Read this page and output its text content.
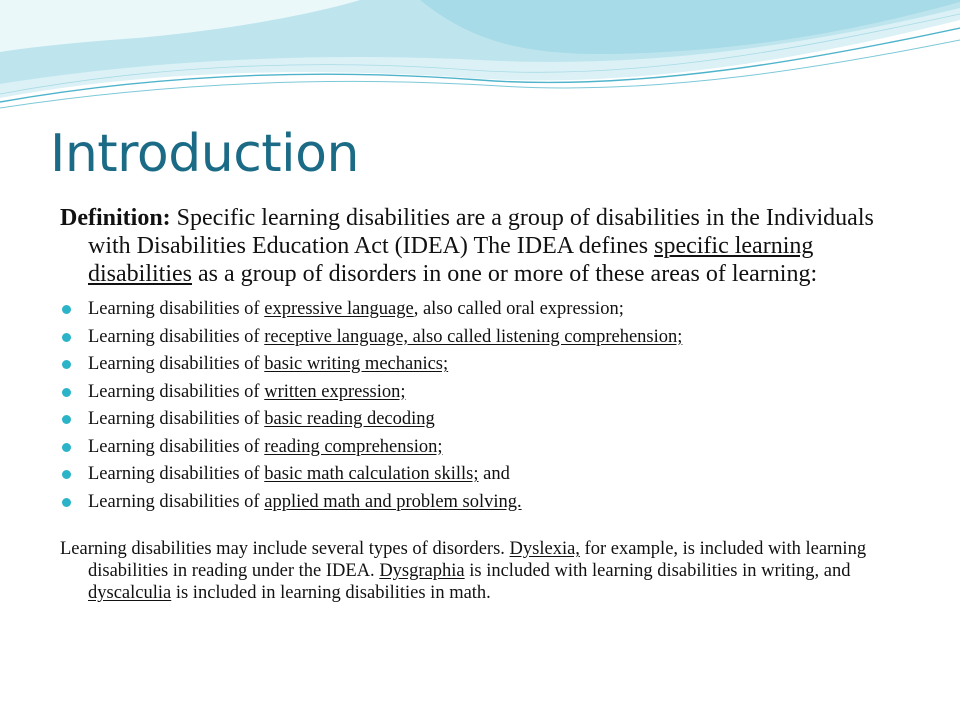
Introduction

Definition: Specific learning disabilities are a group of disabilities in the Individuals with Disabilities Education Act (IDEA) The IDEA defines specific learning disabilities as a group of disorders in one or more of these areas of learning:

Learning disabilities of expressive language, also called oral expression;
Learning disabilities of receptive language, also called listening comprehension;
Learning disabilities of basic writing mechanics;
Learning disabilities of written expression;
Learning disabilities of basic reading decoding
Learning disabilities of reading comprehension;
Learning disabilities of basic math calculation skills; and
Learning disabilities of applied math and problem solving.

Learning disabilities may include several types of disorders. Dyslexia, for example, is included with learning disabilities in reading under the IDEA. Dysgraphia is included with learning disabilities in writing, and dyscalculia is included in learning disabilities in math.
